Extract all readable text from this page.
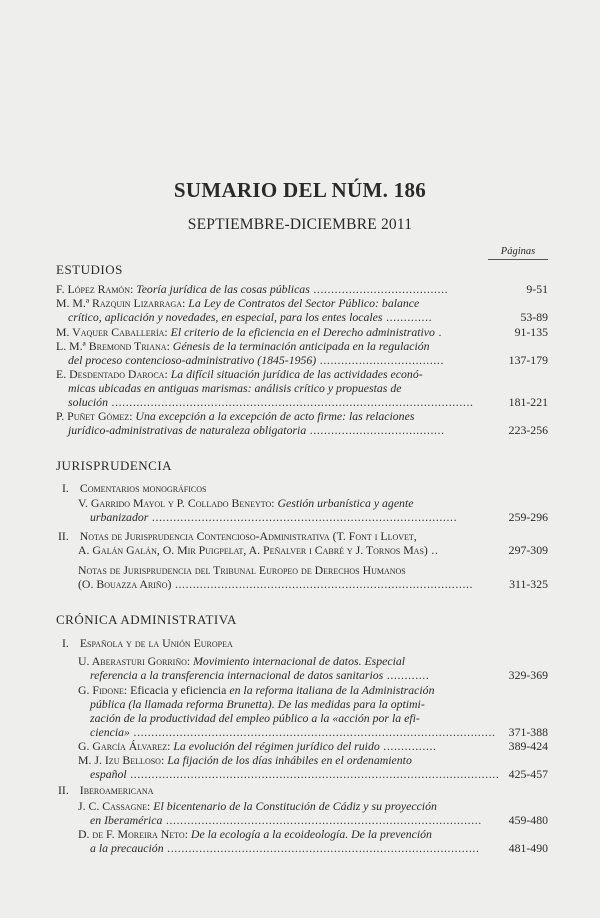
SUMARIO DEL NÚM. 186
SEPTIEMBRE-DICIEMBRE 2011
Páginas
ESTUDIOS
F. López Ramón: Teoría jurídica de las cosas públicas ......................................	9-51
M. M.ª Razquin Lizarraga: La Ley de Contratos del Sector Público: balance
crítico, aplicación y novedades, en especial, para los entes locales .............	53-89
M. Vaquer Caballería: El criterio de la eficiencia en el Derecho administrativo .	91-135
L. M.ª Bremond Triana: Génesis de la terminación anticipada en la regulación
del proceso contencioso-administrativo (1845-1956) ...................................	137-179
E. Desdentado Daroca: La difícil situación jurídica de las actividades econó-
micas ubicadas en antiguas marismas: análisis crítico y propuestas de
solución ......................................................................................................	181-221
P. Puñet Gómez: Una excepción a la excepción de acto firme: las relaciones
jurídico-administrativas de naturaleza obligatoria ......................................	223-256
JURISPRUDENCIA
I. Comentarios monográficos
V. Garrido Mayol y P. Collado Beneyto: Gestión urbanística y agente
urbanizador ......................................................................................	259-296
II. Notas de Jurisprudencia Contencioso-Administrativa (T. Font i Llovet,
A. Galán Galán, O. Mir Puigpelat, A. Peñalver i Cabré y J. Tornos Mas) ..	297-309
Notas de Jurisprudencia del Tribunal Europeo de Derechos Humanos
(O. Bouazza Ariño) ....................................................................................	311-325
CRÓNICA ADMINISTRATIVA
I. Española y de la Unión Europea
U. Aberasturi Gorriño: Movimiento internacional de datos. Especial
referencia a la transferencia internacional de datos sanitarios ............	329-369
G. Fidone: Eficacia y eficiencia en la reforma italiana de la Administración
pública (la llamada reforma Brunetta). De las medidas para la optimi-
zación de la productividad del empleo público a la «acción por la efi-
ciencia» ...................................................................................................... 371-388
G. García Álvarez: La evolución del régimen jurídico del ruido ...............	389-424
M. J. Izu Belloso: La fijación de los días inhábiles en el ordenamiento
español ........................................................................................................ 425-457
II. Iberoamericana
J. C. Cassagne: El bicentenario de la Constitución de Cádiz y su proyección
en Iberamérica ......................................................................................... 459-480
D. de F. Moreira Neto: De la ecología a la ecoideología. De la prevención
a la precaución ........................................................................................ 481-490
